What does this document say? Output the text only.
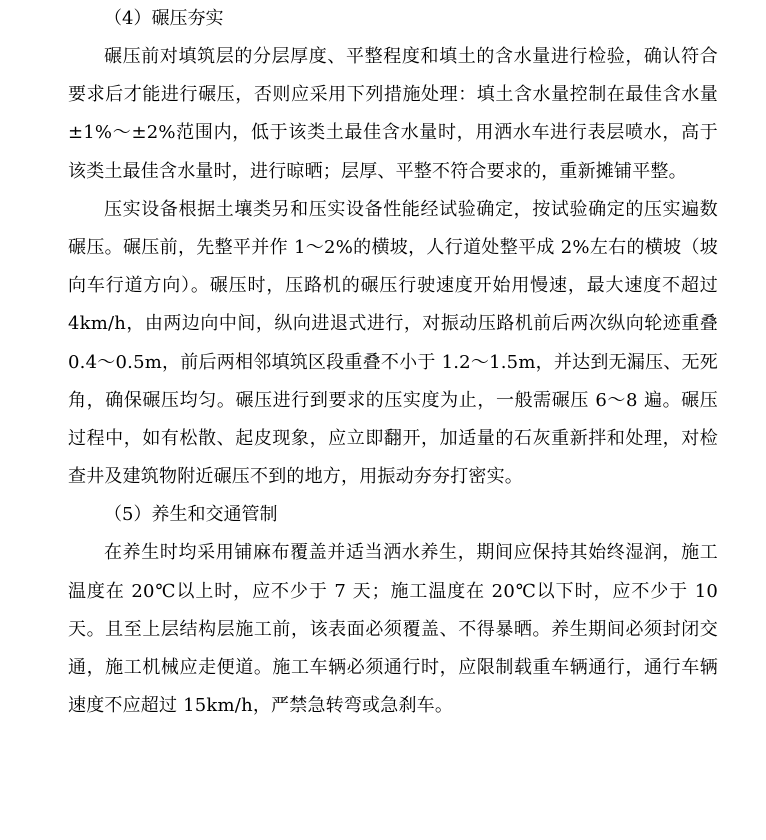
（4）碾压夯实

碾压前对填筑层的分层厚度、平整程度和填土的含水量进行检验，确认符合要求后才能进行碾压，否则应采用下列措施处理：填土含水量控制在最佳含水量±1%～±2%范围内，低于该类土最佳含水量时，用洒水车进行表层喷水，高于该类土最佳含水量时，进行晾晒；层厚、平整不符合要求的，重新摊铺平整。

压实设备根据土壤类另和压实设备性能经试验确定，按试验确定的压实遍数碾压。碾压前，先整平并作 1～2%的横坡，人行道处整平成 2%左右的横坡（坡向车行道方向）。碾压时，压路机的碾压行驶速度开始用慢速，最大速度不超过4km/h，由两边向中间，纵向进退式进行，对振动压路机前后两次纵向轮迹重叠0.4～0.5m，前后两相邻填筑区段重叠不小于 1.2～1.5m，并达到无漏压、无死角，确保碾压均匀。碾压进行到要求的压实度为止，一般需碾压 6～8 遍。碾压过程中，如有松散、起皮现象，应立即翻开，加适量的石灰重新拌和处理，对检查井及建筑物附近碾压不到的地方，用振动夯夯打密实。

（5）养生和交通管制

在养生时均采用铺麻布覆盖并适当洒水养生，期间应保持其始终湿润，施工温度在 20℃以上时，应不少于 7 天；施工温度在 20℃以下时，应不少于 10 天。且至上层结构层施工前，该表面必须覆盖、不得暴晒。养生期间必须封闭交通，施工机械应走便道。施工车辆必须通行时，应限制载重车辆通行，通行车辆速度不应超过 15km/h，严禁急转弯或急刹车。
